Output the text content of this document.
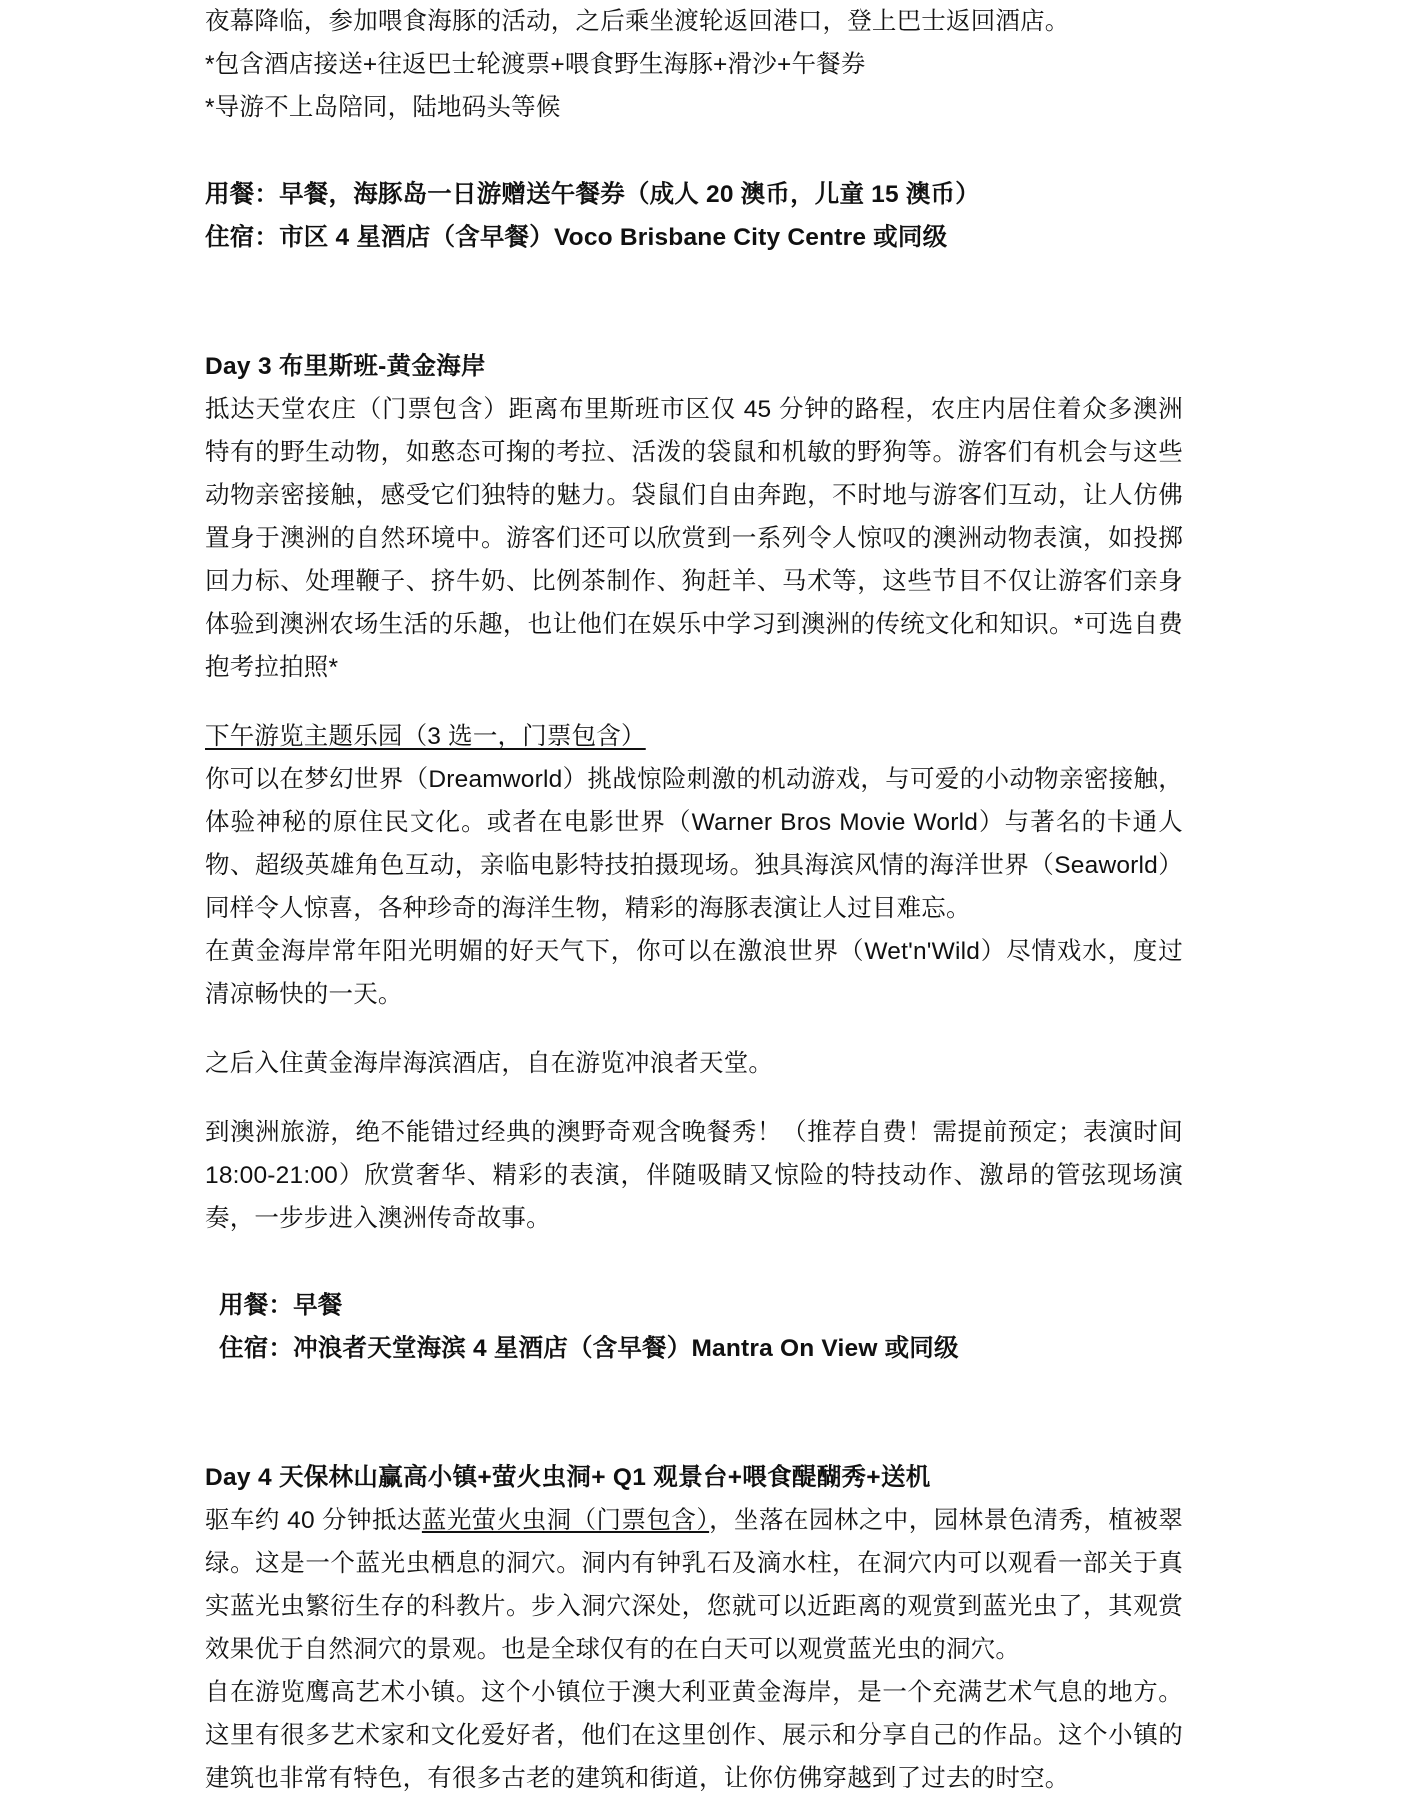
夜幕降临，参加喂食海豚的活动，之后乘坐渡轮返回港口，登上巴士返回酒店。

*包含酒店接送+往返巴士轮渡票+喂食野生海豚+滑沙+午餐券

*导游不上岛陪同，陆地码头等候

用餐：早餐，海豚岛一日游赠送午餐券（成人 20 澳币，儿童 15 澳币）

住宿：市区 4 星酒店（含早餐）Voco Brisbane City Centre 或同级

Day 3 布里斯班-黄金海岸

抵达天堂农庄（门票包含）距离布里斯班市区仅 45 分钟的路程，农庄内居住着众多澳洲特有的野生动物，如憨态可掬的考拉、活泼的袋鼠和机敏的野狗等。游客们有机会与这些动物亲密接触，感受它们独特的魅力。袋鼠们自由奔跑，不时地与游客们互动，让人仿佛置身于澳洲的自然环境中。游客们还可以欣赏到一系列令人惊叹的澳洲动物表演，如投掷回力标、处理鞭子、挤牛奶、比例茶制作、狗赶羊、马术等，这些节目不仅让游客们亲身体验到澳洲农场生活的乐趣，也让他们在娱乐中学习到澳洲的传统文化和知识。*可选自费抱考拉拍照*

下午游览主题乐园（3 选一，门票包含）

你可以在梦幻世界（Dreamworld）挑战惊险刺激的机动游戏，与可爱的小动物亲密接触，体验神秘的原住民文化。或者在电影世界（Warner Bros Movie World）与著名的卡通人物、超级英雄角色互动，亲临电影特技拍摄现场。独具海滨风情的海洋世界（Seaworld）同样令人惊喜，各种珍奇的海洋生物，精彩的海豚表演让人过目难忘。

在黄金海岸常年阳光明媚的好天气下，你可以在激浪世界（Wet'n'Wild）尽情戏水，度过清凉畅快的一天。

之后入住黄金海岸海滨酒店，自在游览冲浪者天堂。

到澳洲旅游，绝不能错过经典的澳野奇观含晚餐秀！（推荐自费！需提前预定；表演时间 18:00-21:00）欣赏奢华、精彩的表演，伴随吸睛又惊险的特技动作、激昂的管弦现场演奏，一步步进入澳洲传奇故事。

用餐：早餐

住宿：冲浪者天堂海滨 4 星酒店（含早餐）Mantra On View 或同级

Day 4 天保林山赢高小镇+萤火虫洞+ Q1 观景台+喂食醍醐秀+送机

驱车约 40 分钟抵达蓝光萤火虫洞（门票包含），坐落在园林之中，园林景色清秀，植被翠绿。这是一个蓝光虫栖息的洞穴。洞内有钟乳石及滴水柱，在洞穴内可以观看一部关于真实蓝光虫繁衍生存的科教片。步入洞穴深处，您就可以近距离的观赏到蓝光虫了，其观赏效果优于自然洞穴的景观。也是全球仅有的在白天可以观赏蓝光虫的洞穴。

自在游览鹰高艺术小镇。这个小镇位于澳大利亚黄金海岸，是一个充满艺术气息的地方。这里有很多艺术家和文化爱好者，他们在这里创作、展示和分享自己的作品。这个小镇的建筑也非常有特色，有很多古老的建筑和街道，让你仿佛穿越到了过去的时空。
